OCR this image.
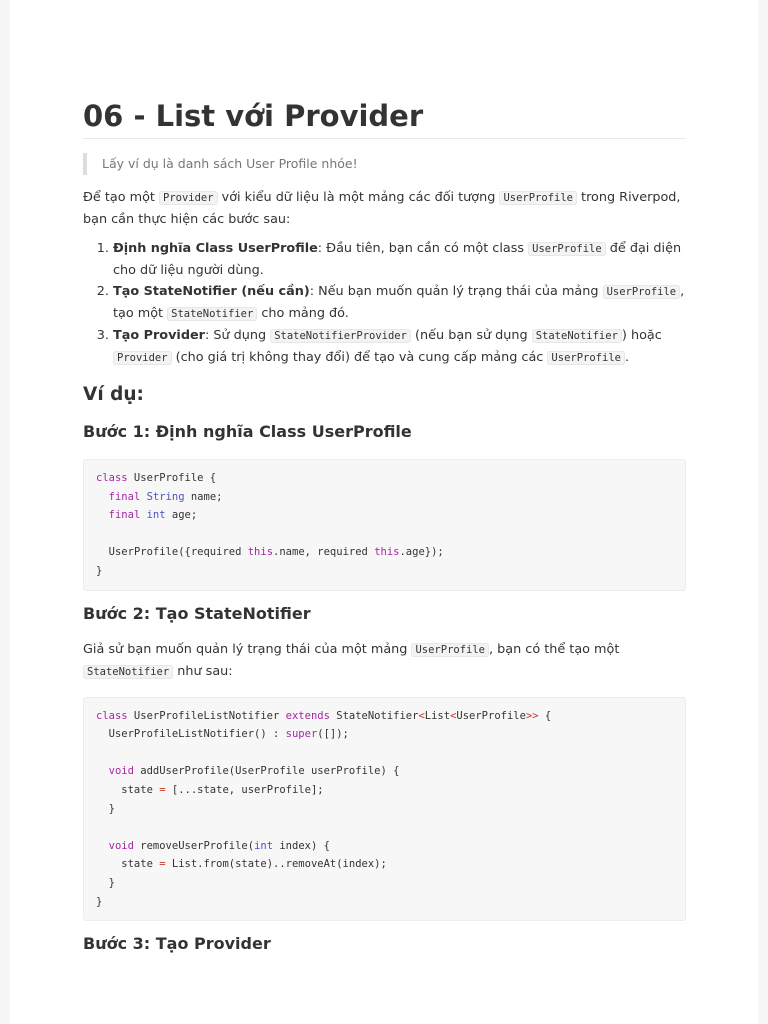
06 - List với Provider
Lấy ví dụ là danh sách User Profile nhóe!

Để tạo một Provider với kiểu dữ liệu là một mảng các đối tượng UserProfile trong Riverpod, bạn cần thực hiện các bước sau:

1. Định nghĩa Class UserProfile: Đầu tiên, bạn cần có một class UserProfile để đại diện cho dữ liệu người dùng.
2. Tạo StateNotifier (nếu cần): Nếu bạn muốn quản lý trạng thái của mảng UserProfile , tạo một StateNotifier cho mảng đó.
3. Tạo Provider: Sử dụng StateNotifierProvider (nếu bạn sử dụng StateNotifier ) hoặc Provider (cho giá trị không thay đổi) để tạo và cung cấp mảng các UserProfile .
Ví dụ:
Bước 1: Định nghĩa Class UserProfile
class UserProfile {
final String name;
final int age;

UserProfile({required this.name, required this.age});
}
Bước 2: Tạo StateNotifier

Giả sử bạn muốn quản lý trạng thái của một mảng UserProfile , bạn có thể tạo một StateNotifier như sau:

class UserProfileListNotifier extends StateNotifier<List<UserProfile>> {
UserProfileListNotifier() : super([]);

void addUserProfile(UserProfile userProfile) {
state = [...state, userProfile];
}

void removeUserProfile(int index) {
state = List.from(state)..removeAt(index);
}
}
Bước 3: Tạo Provider
